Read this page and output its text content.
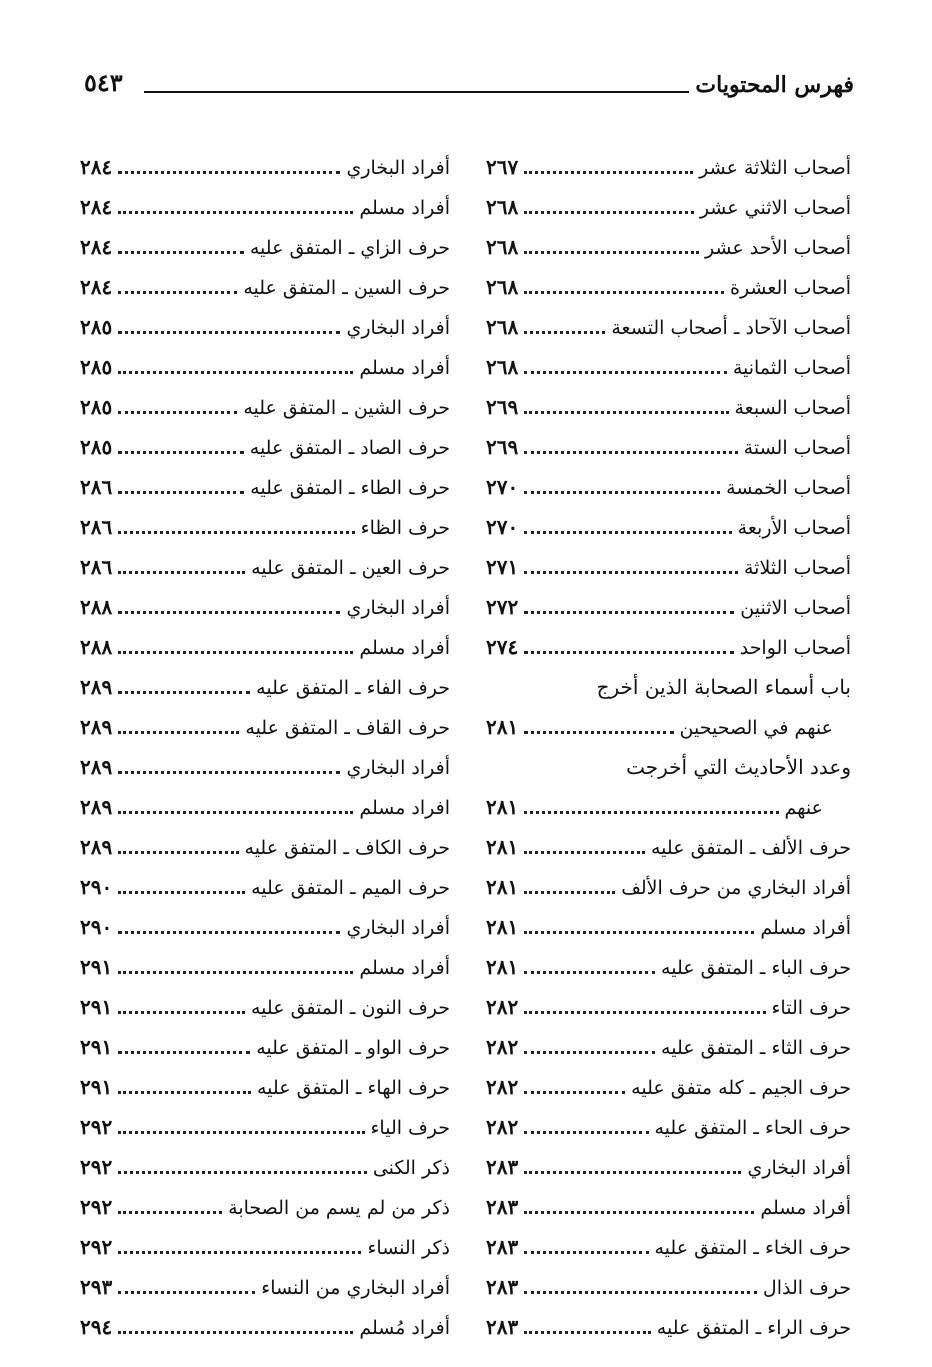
فهرس المحتويات
٥٤٣
أصحاب الثلاثة عشر
٢٦٧
أصحاب الاثني عشر
٢٦٨
أصحاب الأحد عشر
٢٦٨
أصحاب العشرة
٢٦٨
أصحاب الآحاد ـ أصحاب التسعة
٢٦٨
أصحاب الثمانية
٢٦٨
أصحاب السبعة
٢٦٩
أصحاب الستة
٢٦٩
أصحاب الخمسة
٢٧٠
أصحاب الأربعة
٢٧٠
أصحاب الثلاثة
٢٧١
أصحاب الاثنين
٢٧٢
أصحاب الواحد
٢٧٤
باب أسماء الصحابة الذين أخرج
عنهم في الصحيحين
٢٨١
وعدد الأحاديث التي أخرجت
عنهم
٢٨١
حرف الألف ـ المتفق عليه
٢٨١
أفراد البخاري من حرف الألف
٢٨١
أفراد مسلم
٢٨١
حرف الباء ـ المتفق عليه
٢٨١
حرف التاء
٢٨٢
حرف الثاء ـ المتفق عليه
٢٨٢
حرف الجيم ـ كله متفق عليه
٢٨٢
حرف الحاء ـ المتفق عليه
٢٨٢
أفراد البخاري
٢٨٣
أفراد مسلم
٢٨٣
حرف الخاء ـ المتفق عليه
٢٨٣
حرف الذال
٢٨٣
حرف الراء ـ المتفق عليه
٢٨٣
أفراد البخاري
٢٨٤
أفراد مسلم
٢٨٤
حرف الزاي ـ المتفق عليه
٢٨٤
حرف السين ـ المتفق عليه
٢٨٤
أفراد البخاري
٢٨٥
أفراد مسلم
٢٨٥
حرف الشين ـ المتفق عليه
٢٨٥
حرف الصاد ـ المتفق عليه
٢٨٥
حرف الطاء ـ المتفق عليه
٢٨٦
حرف الظاء
٢٨٦
حرف العين ـ المتفق عليه
٢٨٦
أفراد البخاري
٢٨٨
أفراد مسلم
٢٨٨
حرف الفاء ـ المتفق عليه
٢٨٩
حرف القاف ـ المتفق عليه
٢٨٩
أفراد البخاري
٢٨٩
افراد مسلم
٢٨٩
حرف الكاف ـ المتفق عليه
٢٨٩
حرف الميم ـ المتفق عليه
٢٩٠
أفراد البخاري
٢٩٠
أفراد مسلم
٢٩١
حرف النون ـ المتفق عليه
٢٩١
حرف الواو ـ المتفق عليه
٢٩١
حرف الهاء ـ المتفق عليه
٢٩١
حرف الياء
٢٩٢
ذكر الكنى
٢٩٢
ذكر من لم يسم من الصحابة
٢٩٢
ذكر النساء
٢٩٢
أفراد البخاري من النساء
٢٩٣
أفراد مُسلم
٢٩٤
